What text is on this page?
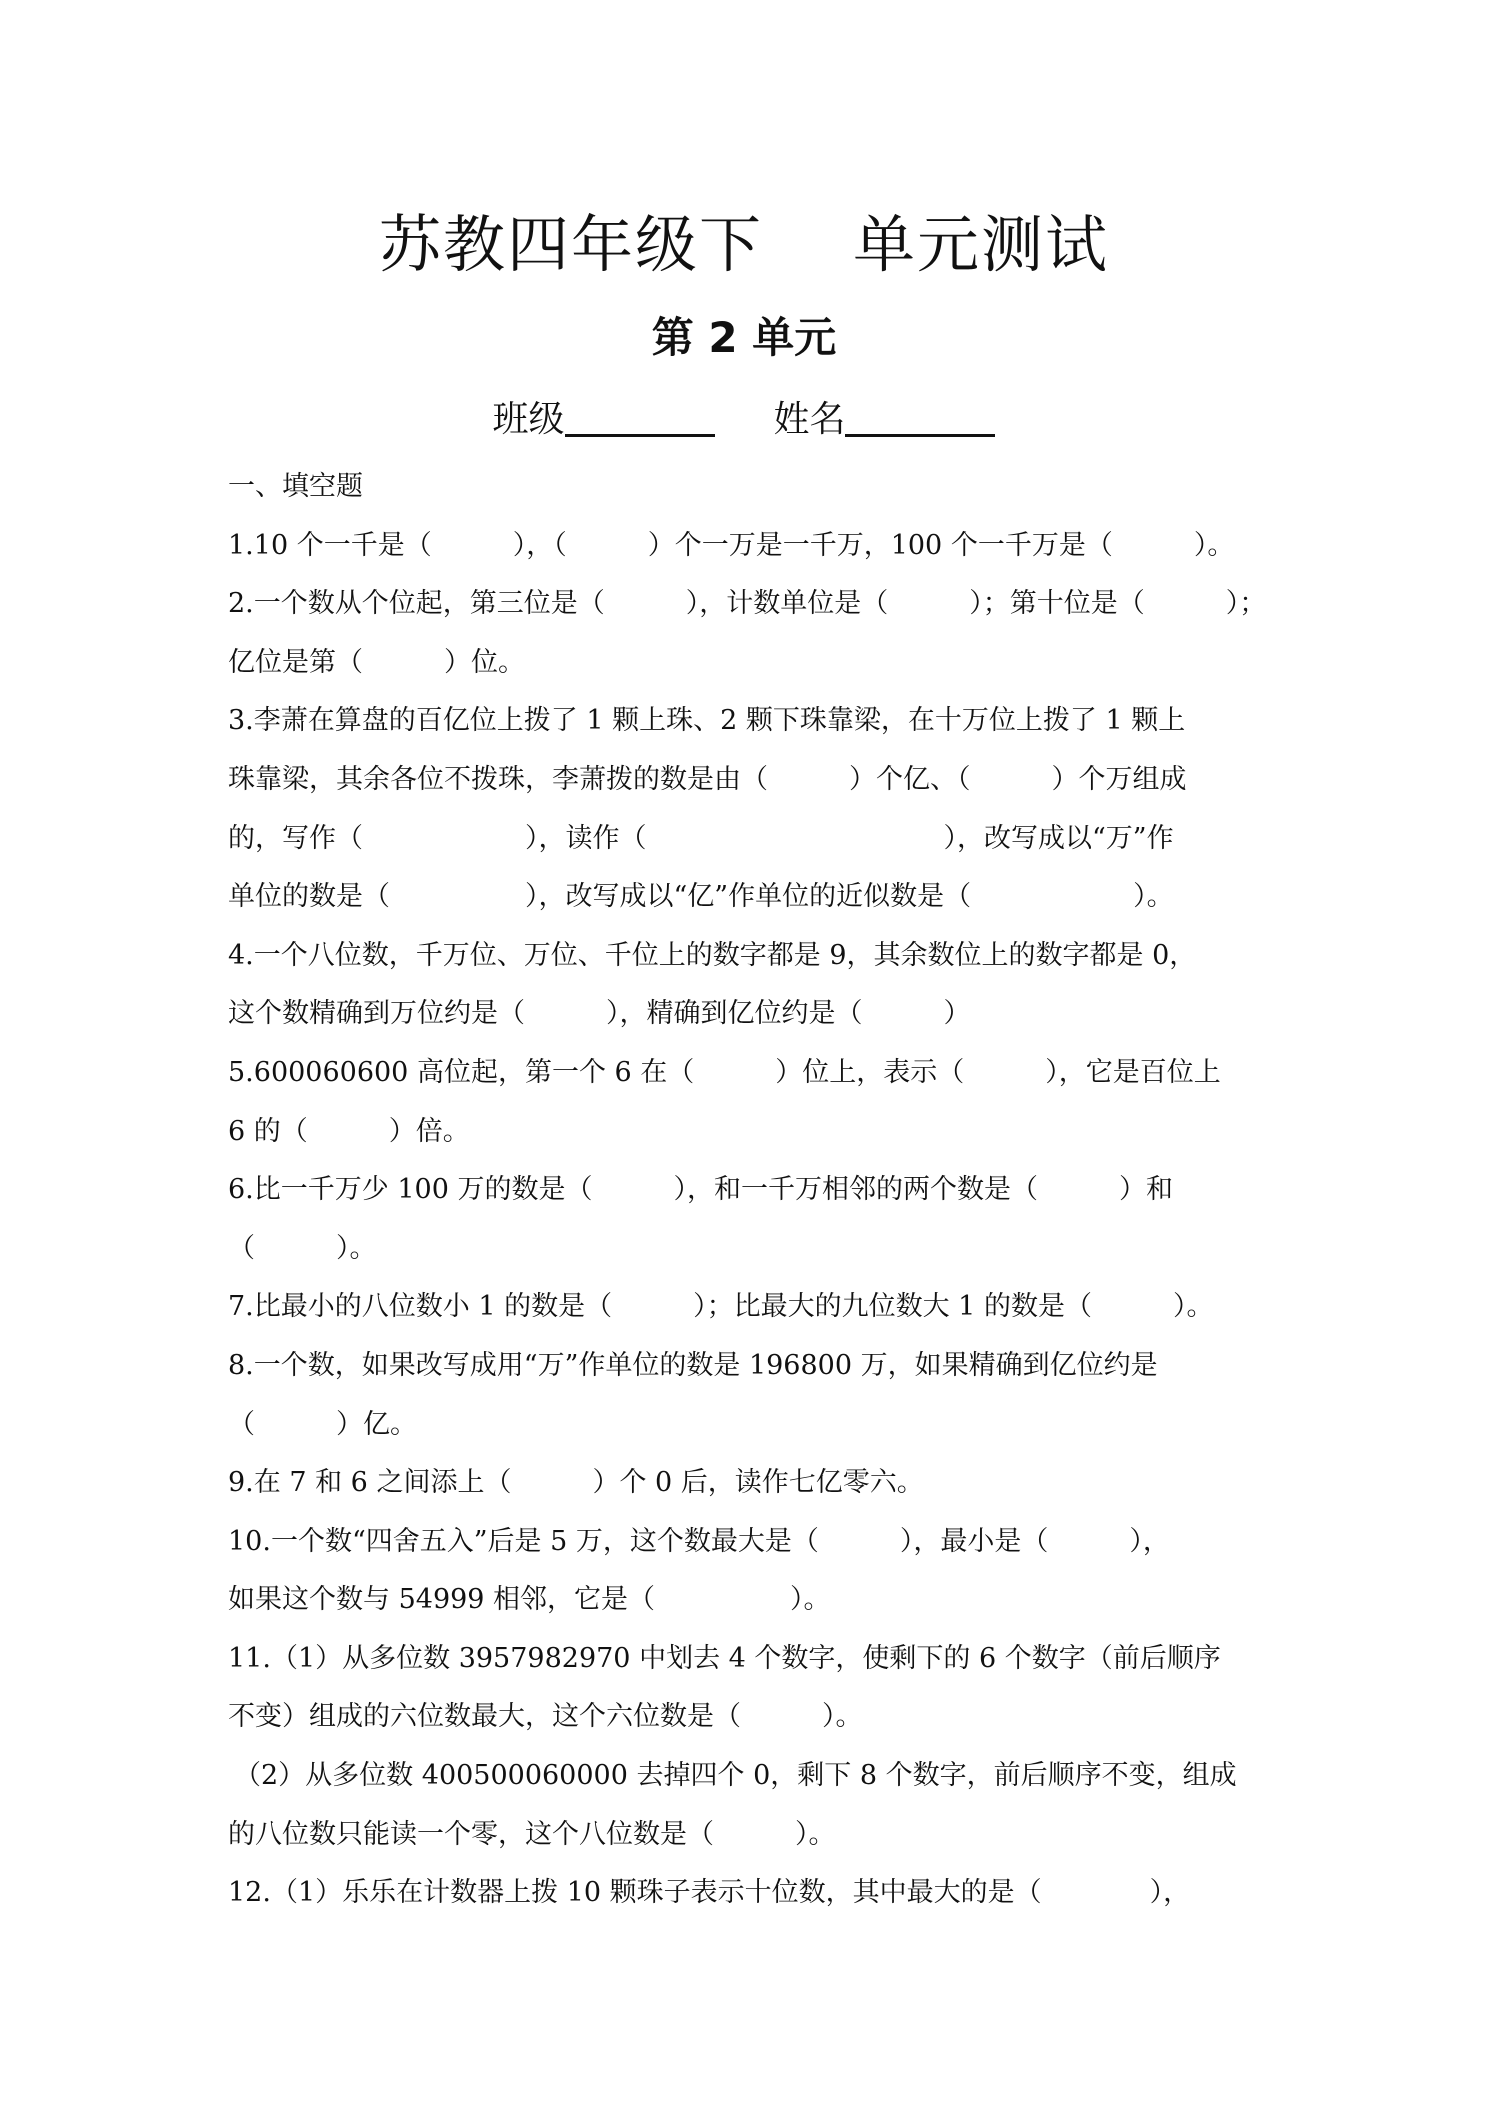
苏教四年级下 单元测试
第 2 单元
班级	姓名
一、填空题
1.10 个一千是（　　　），（　　　）个一万是一千万，100 个一千万是（　　　）。
2.一个数从个位起，第三位是（　　　），计数单位是（　　　）；第十位是（　　　）；
亿位是第（　　　）位。
3.李萧在算盘的百亿位上拨了 1 颗上珠、2 颗下珠靠梁，在十万位上拨了 1 颗上
珠靠梁，其余各位不拨珠，李萧拨的数是由（　　　）个亿、（　　　）个万组成
的，写作（　　　　　　），读作（　　　　　　　　　　　），改写成以“万”作
单位的数是（　　　　　），改写成以“亿”作单位的近似数是（　　　　　　）。
4.一个八位数，千万位、万位、千位上的数字都是 9，其余数位上的数字都是 0，
这个数精确到万位约是（　　　），精确到亿位约是（　　　）
5.600060600 高位起，第一个 6 在（　　　）位上，表示（　　　），它是百位上
6 的（　　　）倍。
6.比一千万少 100 万的数是（　　　），和一千万相邻的两个数是（　　　）和
（　　　）。
7.比最小的八位数小 1 的数是（　　　）；比最大的九位数大 1 的数是（　　　）。
8.一个数，如果改写成用“万”作单位的数是 196800 万，如果精确到亿位约是
（　　　）亿。
9.在 7 和 6 之间添上（　　　）个 0 后，读作七亿零六。
10.一个数“四舍五入”后是 5 万，这个数最大是（　　　），最小是（　　　），
如果这个数与 54999 相邻，它是（　　　　　）。
11.（1）从多位数 3957982970 中划去 4 个数字，使剩下的 6 个数字（前后顺序
不变）组成的六位数最大，这个六位数是（　　　）。
（2）从多位数 400500060000 去掉四个 0，剩下 8 个数字，前后顺序不变，组成
的八位数只能读一个零，这个八位数是（　　　）。
12.（1）乐乐在计数器上拨 10 颗珠子表示十位数，其中最大的是（　　　　），
